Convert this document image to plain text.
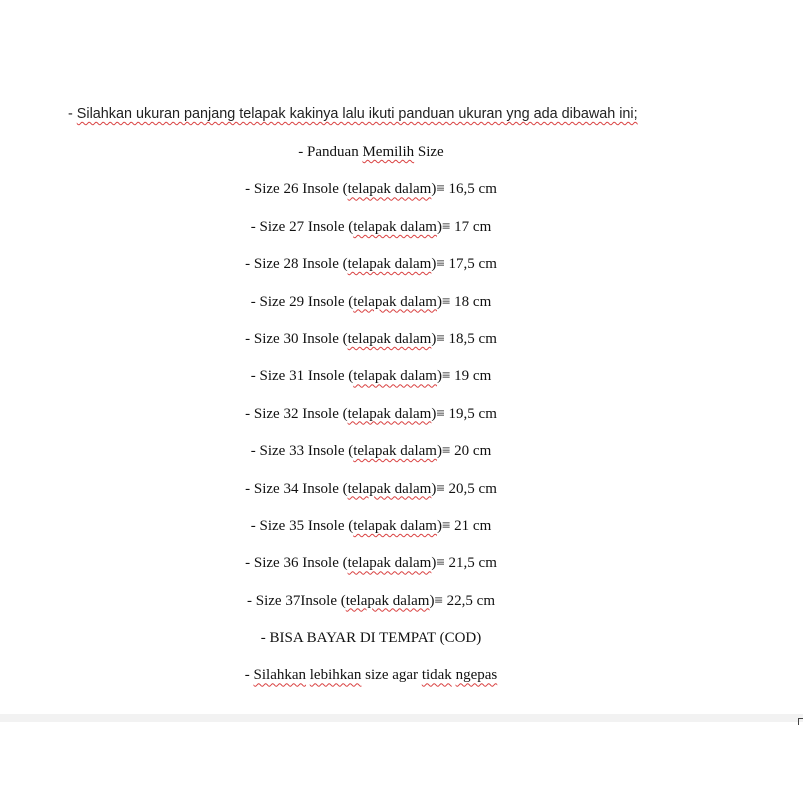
- Silahkan ukuran panjang telapak kakinya lalu ikuti panduan ukuran yng ada dibawah ini;
- Panduan Memilih Size
- Size 26 Insole (telapak dalam)≡ 16,5 cm
- Size 27 Insole (telapak dalam)≡ 17 cm
- Size 28 Insole (telapak dalam)≡ 17,5 cm
- Size 29 Insole (telapak dalam)≡ 18 cm
- Size 30 Insole (telapak dalam)≡ 18,5 cm
- Size 31 Insole (telapak dalam)≡ 19 cm
- Size 32 Insole (telapak dalam)≡ 19,5 cm
- Size 33 Insole (telapak dalam)≡ 20 cm
- Size 34 Insole (telapak dalam)≡ 20,5 cm
- Size 35 Insole (telapak dalam)≡ 21 cm
- Size 36 Insole (telapak dalam)≡ 21,5 cm
- Size 37Insole (telapak dalam)≡ 22,5 cm
- BISA BAYAR DI TEMPAT (COD)
- Silahkan lebihkan size agar tidak ngepas
